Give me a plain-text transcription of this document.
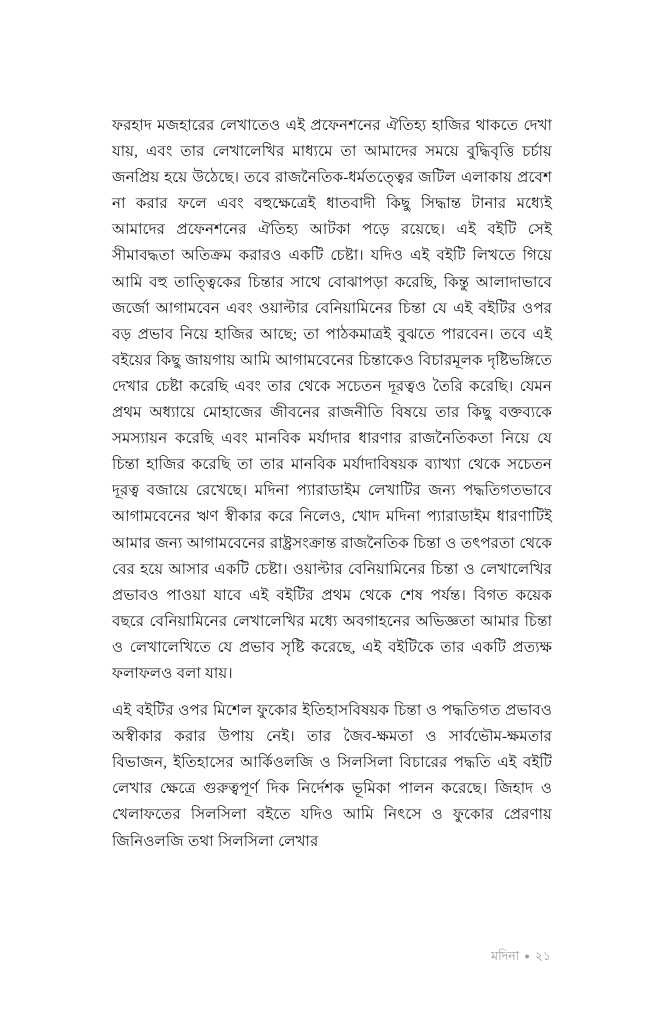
ফরহাদ মজহারের লেখাতেও এই প্রফেনশনের ঐতিহ্য হাজির থাকতে দেখা যায়, এবং তার লেখালেখির মাধ্যমে তা আমাদের সময়ে বুদ্ধিবৃত্তি চর্চায় জনপ্রিয় হয়ে উঠেছে। তবে রাজনৈতিক-ধর্মতত্ত্বের জটিল এলাকায় প্রবেশ না করার ফলে এবং বহুক্ষেত্রেই ধাতবাদী কিছু সিদ্ধান্ত টানার মধ্যেই আমাদের প্রফেনশনের ঐতিহ্য আটকা পড়ে রয়েছে। এই বইটি সেই সীমাবদ্ধতা অতিক্রম করারও একটি চেষ্টা। যদিও এই বইটি লিখতে গিয়ে আমি বহু তাত্ত্বিকের চিন্তার সাথে বোঝাপড়া করেছি, কিন্তু আলাদাভাবে জর্জো আগামবেন এবং ওয়াল্টার বেনিয়ামিনের চিন্তা যে এই বইটির ওপর বড় প্রভাব নিয়ে হাজির আছে; তা পাঠকমাত্রই বুঝতে পারবেন। তবে এই বইয়ের কিছু জায়গায় আমি আগামবেনের চিন্তাকেও বিচারমূলক দৃষ্টিভঙ্গিতে দেখার চেষ্টা করেছি এবং তার থেকে সচেতন দূরত্বও তৈরি করেছি। যেমন প্রথম অধ্যায়ে মোহাজের জীবনের রাজনীতি বিষয়ে তার কিছু বক্তব্যকে সমস্যায়ন করেছি এবং মানবিক মর্যাদার ধারণার রাজনৈতিকতা নিয়ে যে চিন্তা হাজির করেছি তা তার মানবিক মর্যাদাবিষয়ক ব্যাখ্যা থেকে সচেতন দূরত্ব বজায়ে রেখেছে। মদিনা প্যারাডাইম লেখাটির জন্য পদ্ধতিগতভাবে আগামবেনের ঋণ স্বীকার করে নিলেও, খোদ মদিনা প্যারাডাইম ধারণাটিই আমার জন্য আগামবেনের রাষ্ট্রসংক্রান্ত রাজনৈতিক চিন্তা ও তৎপরতা থেকে বের হয়ে আসার একটি চেষ্টা। ওয়াল্টার বেনিয়ামিনের চিন্তা ও লেখালেখির প্রভাবও পাওয়া যাবে এই বইটির প্রথম থেকে শেষ পর্যন্ত। বিগত কয়েক বছরে বেনিয়ামিনের লেখালেখির মধ্যে অবগাহনের অভিজ্ঞতা আমার চিন্তা ও লেখালেখিতে যে প্রভাব সৃষ্টি করেছে, এই বইটিকে তার একটি প্রত্যক্ষ ফলাফলও বলা যায়।

এই বইটির ওপর মিশেল ফুকোর ইতিহাসবিষয়ক চিন্তা ও পদ্ধতিগত প্রভাবও অস্বীকার করার উপায় নেই। তার জৈব-ক্ষমতা ও সার্বভৌম-ক্ষমতার বিভাজন, ইতিহাসের আর্কিওলজি ও সিলসিলা বিচারের পদ্ধতি এই বইটি লেখার ক্ষেত্রে গুরুত্বপূর্ণ দিক নির্দেশক ভূমিকা পালন করেছে। জিহাদ ও খেলাফতের সিলসিলা বইতে যদিও আমি নিৎসে ও ফুকোর প্রেরণায় জিনিওলজি তথা সিলসিলা লেখার

মদিনা ● ২১
